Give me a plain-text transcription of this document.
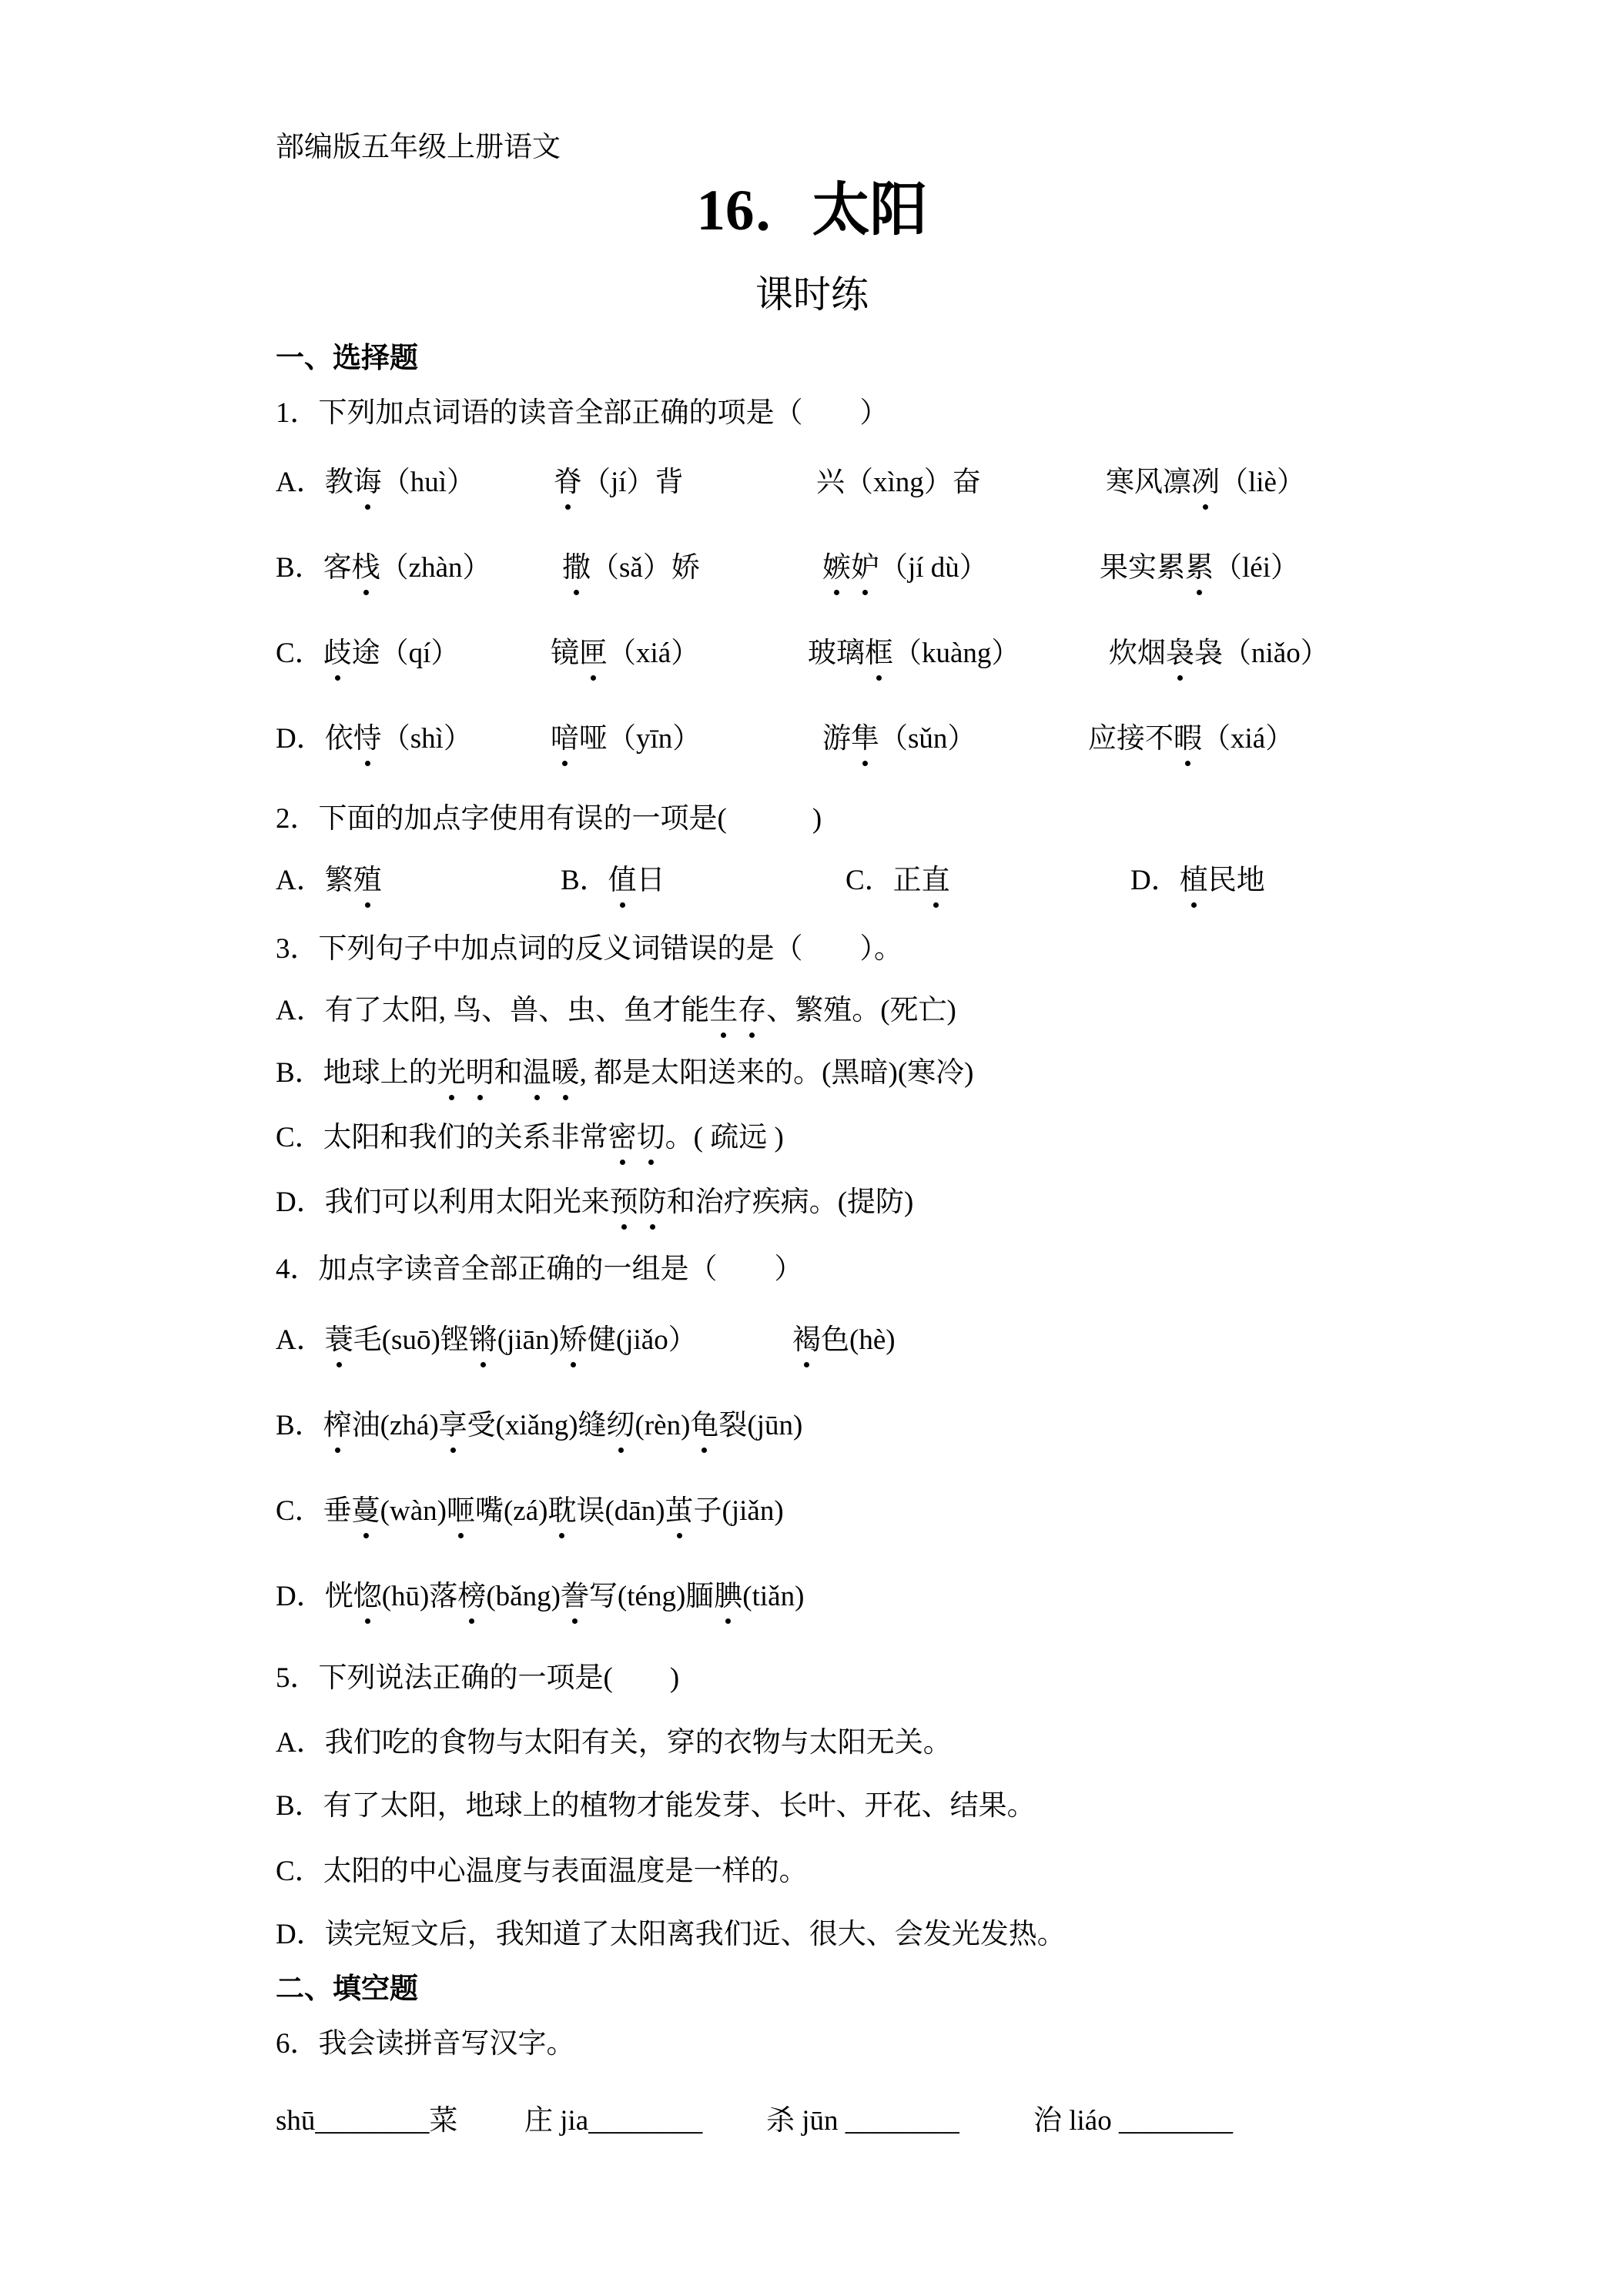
部编版五年级上册语文
16．太阳
课时练
一、选择题
1．下列加点词语的读音全部正确的项是（　　）
A．教诲（huì）	脊（jí）背	兴（xìng）奋	寒风凛冽（liè）
B．客栈（zhàn） 撒（sǎ）娇	嫉妒（jí dù）	果实累累（léi）
C．歧途（qí）	镜匣（xiá）	玻璃框（kuàng）	炊烟袅袅（niǎo）
D．依恃（shì）	喑哑（yīn）	游隼（sǔn）	应接不暇（xiá）
2．下面的加点字使用有误的一项是(　　　)
A．繁殖	B．值日	C．正直	D．植民地
3．下列句子中加点词的反义词错误的是（　　）。
A．有了太阳, 鸟、兽、虫、鱼才能生存、繁殖。(死亡)
B．地球上的光明和温暖, 都是太阳送来的。(黑暗)(寒冷)
C．太阳和我们的关系非常密切。( 疏远 )
D．我们可以利用太阳光来预防和治疗疾病。(提防)
4．加点字读音全部正确的一组是（　　）
A．蓑毛(suō)铿锵(jiān)矫健(jiǎo）	褐色(hè)
B．榨油(zhá)享受(xiǎng)缝纫(rèn)龟裂(jūn)
C．垂蔓(wàn)咂嘴(zá)耽误(dān)茧子(jiǎn)
D．恍惚(hū)落榜(bǎng)誊写(téng)腼腆(tiǎn)
5．下列说法正确的一项是(　　)
A．我们吃的食物与太阳有关，穿的衣物与太阳无关。
B．有了太阳，地球上的植物才能发芽、长叶、开花、结果。
C．太阳的中心温度与表面温度是一样的。
D．读完短文后，我知道了太阳离我们近、很大、会发光发热。
二、填空题
6．我会读拼音写汉字。
shū________菜 庄 jia________ 杀 jūn ________	治 liáo ________
